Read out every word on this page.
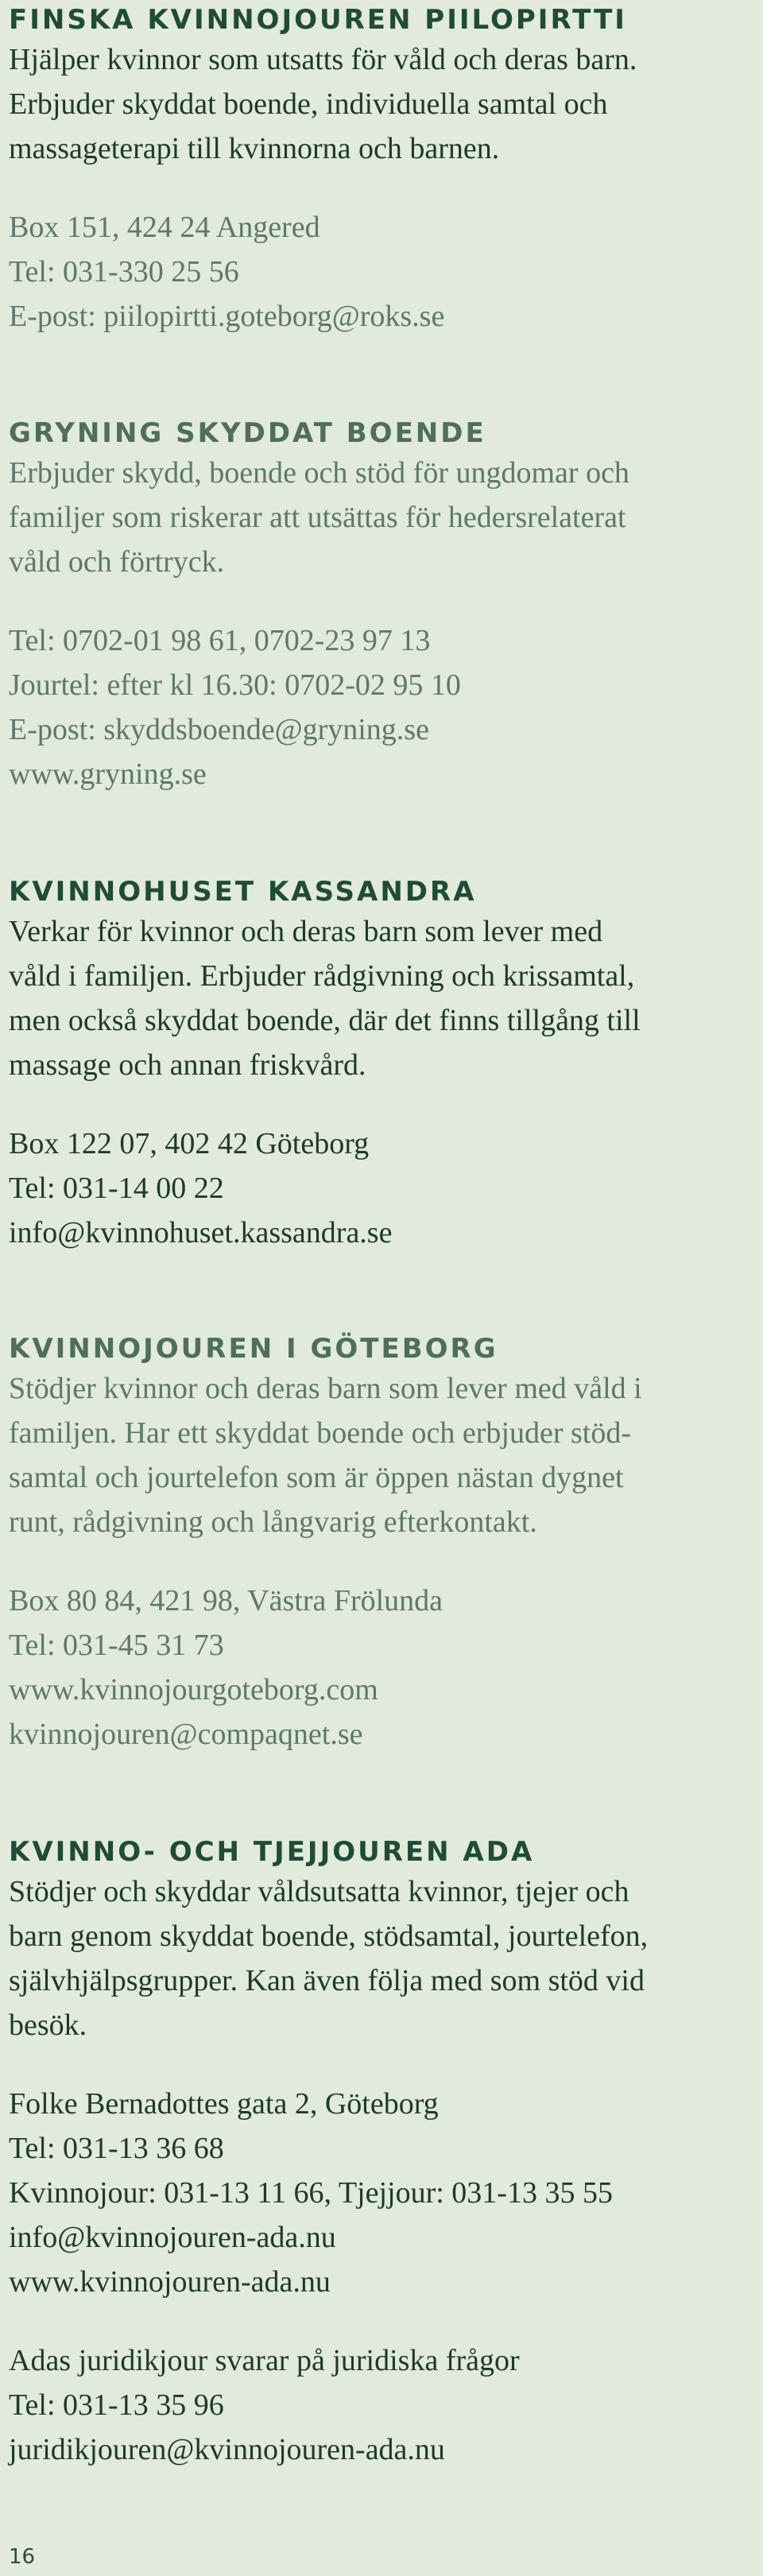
FINSKA KVINNOJOUREN PIILOPIRTTI
Hjälper kvinnor som utsatts för våld och deras barn.
Erbjuder skyddat boende, individuella samtal och
massageterapi till kvinnorna och barnen.
Box 151, 424 24 Angered
Tel: 031-330 25 56
E-post: piilopirtti.goteborg@roks.se
GRYNING SKYDDAT BOENDE
Erbjuder skydd, boende och stöd för ungdomar och
familjer som riskerar att utsättas för hedersrelaterat
våld och förtryck.
Tel: 0702-01 98 61, 0702-23 97 13
Jourtel: efter kl 16.30: 0702-02 95 10
E-post: skyddsboende@gryning.se
www.gryning.se
KVINNOHUSET KASSANDRA
Verkar för kvinnor och deras barn som lever med
våld i familjen. Erbjuder rådgivning och krissamtal,
men också skyddat boende, där det finns tillgång till
massage och annan friskvård.
Box 122 07, 402 42 Göteborg
Tel: 031-14 00 22
info@kvinnohuset.kassandra.se
KVINNOJOUREN I GÖTEBORG
Stödjer kvinnor och deras barn som lever med våld i
familjen. Har ett skyddat boende och erbjuder stöd-
samtal och jourtelefon som är öppen nästan dygnet
runt, rådgivning och långvarig efterkontakt.
Box 80 84, 421 98, Västra Frölunda
Tel: 031-45 31 73
www.kvinnojourgoteborg.com
kvinnojouren@compaqnet.se
KVINNO- OCH TJEJJOUREN ADA
Stödjer och skyddar våldsutsatta kvinnor, tjejer och
barn genom skyddat boende, stödsamtal, jourtelefon,
självhjälpsgrupper. Kan även följa med som stöd vid
besök.
Folke Bernadottes gata 2, Göteborg
Tel: 031-13 36 68
Kvinnojour: 031-13 11 66, Tjejjour: 031-13 35 55
info@kvinnojouren-ada.nu
www.kvinnojouren-ada.nu
Adas juridikjour svarar på juridiska frågor
Tel: 031-13 35 96
juridikjouren@kvinnojouren-ada.nu
16
